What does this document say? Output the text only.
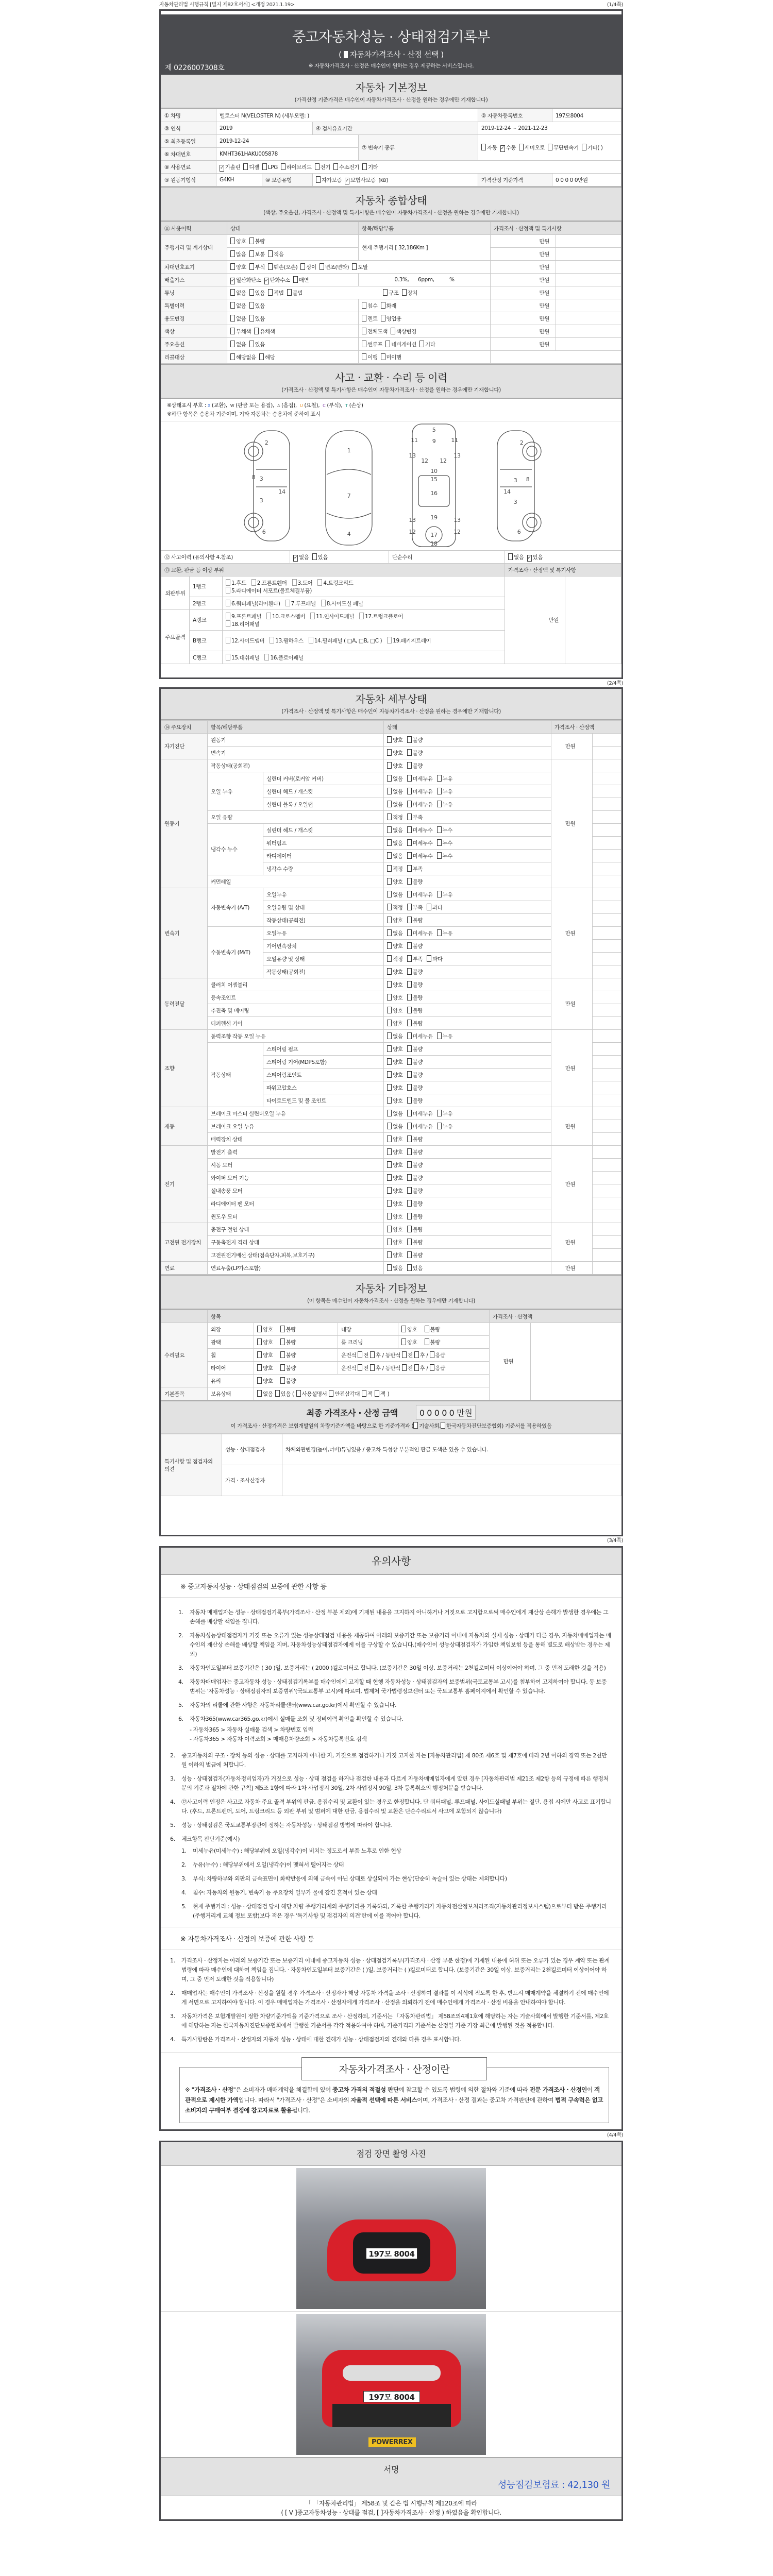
자동차관리법 시행규칙 [별지 제82호서식] <개정 2021.1.19>	(1/4쪽)
중고자동차성능 · 상태점검기록부
( 자동차가격조사 · 산정 선택 )
※ 자동차가격조사 · 산정은 매수인이 원하는 경우 제공하는 서비스입니다.
제 0226007308호
자동차 기본정보
(가격산정 기준가격은 매수인이 자동차가격조사 · 산정을 원하는 경우에만 기재합니다)
① 차명	벨로스터 N(VELOSTER N) (세부모델: )				② 자동차등록번호	197모8004
③ 연식	2019		④ 검사유효기간		2019-12-24 ~ 2021-12-23	
⑤ 최초등록일	2019-12-24			⑦ 변속기 종류	자동 ✓ 수동 세미오토 무단변속기 기타( )	
⑥ 차대번호	KMHT361HAKU005878					
⑧ 사용연료	✓ 가솔린 디젤 LPG 하이브리드 전기 수소전기 기타					
⑨ 원동기형식	G4KH	⑩ 보증유형	자가보증 ✓ 보험사보증 [KB]		가격산정 기준가격	0 0 0 0 0만원
자동차 종합상태
(색상, 주요옵션, 가격조사 · 산정액 및 특기사항은 매수인이 자동차가격조사 · 산정을 원하는 경우에만 기재합니다)
⑪ 사용이력	상태	항목/해당부품	가격조사 · 산정액 및 특기사항	
주행거리 및 계기상태	양호 불량	현재 주행거리 [ 32,186Km ]	만원	
	많음 보통 적음		만원	
차대번호표기	양호 부식 훼손(오손) 상이 변조(변타) 도말		만원	
배출가스	✓ 일산화탄소 ✓ 탄화수소 매연	0.3%,      6ppm,          %	만원	
튜닝	없음 있음 적법 불법 구조 장치		만원	
특별이력	없음 있음	침수 화재	만원	
용도변경	없음 있음	렌트 영업용	만원	
색상	무채색 유채색	전체도색 색상변경	만원	
주요옵션	없음 있음	썬루프 네비게이션 기타	만원	
리콜대상	해당없음 해당	이행 미이행		
사고 · 교환 · 수리 등 이력
(가격조사 · 산정액 및 특기사항은 매수인이 자동차가격조사 · 산정을 원하는 경우에만 기재합니다)
※상태표시 부호 : X (교환), W (판금 또는 용접), A (흠집), U (요철), C (부식), T (손상)
※하단 항목은 승용차 기준이며, 기타 자동차는 승용차에 준하여 표시
2
8 3
3
14
6
1
7
4
5
9
11	11
13	13
12 12
10
15
16
19
13	13
12	12
17
18
2
3 8
14
3
6
⑫ 사고이력 (유의사항 4.참조)			✓ 없음 있음	단순수리	없음 ✓ 있음	
⑬ 교환, 판금 등 이상 부위					가격조사 · 산정액 및 특기사항	
외판부위	1랭크	1.후드 2.프론트휀더 3.도어 4.트렁크리드
5.라디에이터 서포트(볼트체결부품)			만원	
	2랭크	6.쿼터패널(리어휀다) 7.루프패널 8.사이드실 패널				
주요골격	A랭크	9.프론트패널 10.크로스멤버 11.인사이드패널 17.트렁크플로어
18.리어패널				
	B랭크	12.사이드멤버 13.휠하우스 14.필러패널 ( □A, □B, □C ) 19.패키지트레이				
	C랭크	15.대쉬패널 16.플로어패널				
(2/4쪽)
자동차 세부상태
(가격조사 · 산정액 및 특기사항은 매수인이 자동차가격조사 · 산정을 원하는 경우에만 기재합니다)
⑭ 주요장치	항목/해당부품		상태	가격조사 · 산정액	
자기진단	원동기		양호 불량	만원	
	변속기		양호 불량		
원동기	작동상태(공회전)		양호 불량	만원	
	오일 누유	실린더 커버(로커암 커버)	없음 미세누유 누유		
		실린더 헤드 / 개스킷	없음 미세누유 누유		
		실린더 블록 / 오일팬	없음 미세누유 누유		
	오일 유량		적정 부족		
	냉각수 누수	실린더 헤드 / 개스킷	없음 미세누수 누수		
		워터펌프	없음 미세누수 누수		
		라디에이터	없음 미세누수 누수		
		냉각수 수량	적정 부족		
	커먼레일		양호 불량		
변속기	자동변속기 (A/T)	오일누유	없음 미세누유 누유	만원	
		오일유량 및 상태	적정 부족 과다		
		작동상태(공회전)	양호 불량		
	수동변속기 (M/T)	오일누유	없음 미세누유 누유		
		기어변속장치	양호 불량		
		오일유량 및 상태	적정 부족 과다		
		작동상태(공회전)	양호 불량		
동력전달	클러치 어셈블리		양호 불량	만원	
	등속조인트		양호 불량		
	추진축 및 베어링		양호 불량		
	디퍼렌셜 기어		양호 불량		
조향	동력조향 작동 오일 누유		없음 미세누유 누유	만원	
	작동상태	스티어링 펌프	양호 불량		
		스티어링 기어(MDPS포함)	양호 불량		
		스티어링조인트	양호 불량		
		파워고압호스	양호 불량		
		타이로드엔드 및 볼 조인트	양호 불량		
제동	브레이크 마스터 실린더오일 누유		없음 미세누유 누유	만원	
	브레이크 오일 누유		없음 미세누유 누유		
	배력장치 상태		양호 불량		
전기	발전기 출력		양호 불량	만원	
	시동 모터		양호 불량		
	와이퍼 모터 기능		양호 불량		
	실내송풍 모터		양호 불량		
	라디에이터 팬 모터		양호 불량		
	윈도우 모터		양호 불량		
고전원 전기장치	충전구 절연 상태		양호 불량	만원	
	구동축전지 격리 상태		양호 불량		
	고전원전기배선 상태(접속단자,피복,보호기구)		양호 불량		
연료	연료누출(LP가스포함)		없음 있음	만원	
자동차 기타정보
(이 항목은 매수인이 자동차가격조사 · 산정을 원하는 경우에만 기재합니다)
	항목				가격조사 · 산정액	
수리필요	외장	양호 불량	내장	양호 불량	만원	
	광택	양호 불량	룸 크리닝	양호 불량		
	휠	양호 불량	운전석 전 후 / 동반석 전 후 / 응급			
	타이어	양호 불량	운전석 전 후 / 동반석 전 후 / 응급			
	유리	양호 불량				
기본품목	보유상태	없음 있음 ( 사용설명서 안전삼각대 잭 잭 )				
최종 가격조사 · 산정 금액	0 0 0 0 0 만원
이 가격조사 · 산정가격은 보험개발원의 차량기준가액을 바탕으로 한 기준가격과 ( 기술사회, 한국자동차진단보증협회) 기준서를 적용하였음
특기사항 및 점검자의 의견	성능 · 상태점검자	차체외관변경(높이,너비)튜닝있음 / 중고차 특성상 부분적인 판금 도색은 있을 수 있습니다.
	가격 · 조사산정자	
(3/4쪽)
유의사항
※ 중고자동차성능 · 상태점검의 보증에 관한 사항 등
1.	자동차 매매업자는 성능 · 상태점검기록부(가격조사 · 산정 부분 제외)에 기재된 내용을 고지하지 아니하거나 거짓으로 고지함으로써 매수인에게 재산상 손해가 발생한 경우에는 그 손해를 배상할 책임을 집니다.
2.	자동차성능상태점검자가 거짓 또는 오류가 있는 성능상태점검 내용을 제공하여 아래의 보증기간 또는 보증거리 이내에 자동차의 실제 성능 · 상태가 다른 경우, 자동차매매업자는 매수인의 재산상 손해를 배상할 책임을 지며, 자동차성능상태점검자에게 이를 구상할 수 있습니다.(매수인이 성능상태점검자가 가입한 책임보험 등을 통해 별도로 배상받는 경우는 제외)
3.	자동차인도일부터 보증기간은 ( 30 )일, 보증거리는 ( 2000 )킬로미터로 합니다. (보증기간은 30일 이상, 보증거리는 2천킬로미터 이상이어야 하며, 그 중 먼저 도래한 것을 적용)
4.	자동차매매업자는 중고자동차 성능 · 상태점검기록부를 매수인에게 고지할 때 현행 자동차성능 · 상태점검자의 보증범위(국토교통부 고시)를 첨부하여 고지하여야 합니다. 동 보증범위는 '자동차성능 · 상태점검자의 보증범위'(국토교통부 고시)에 따르며, 법제처 국가법령정보센터 또는 국토교통부 홈페이지에서 확인할 수 있습니다.
5.	자동차의 리콜에 관한 사항은 자동차리콜센터(www.car.go.kr)에서 확인할 수 있습니다.
6.	자동차365(www.car365.go.kr)에서 실매물 조회 및 정비이력 확인을 확인할 수 있습니다.
- 자동차365 > 자동차 실매물 검색 > 차량번호 입력
- 자동차365 > 자동차 이력조회 > 매매용차량조회 > 자동차등록번호 검색
2.	중고자동차의 구조 · 장치 등의 성능 · 상태를 고지하지 아니한 자, 거짓으로 점검하거나 거짓 고지한 자는 [자동차관리법] 제 80조 제6호 및 제7호에 따라 2년 이하의 징역 또는 2천만원 이하의 벌금에 처합니다.
3.	성능 · 상태점검자(자동차정비업자)가 거짓으로 성능 · 상태 점검을 하거나 점검한 내용과 다르게 자동차매매업자에게 알린 경우 [자동차관리법 제21조 제2항 등의 규정에 따른 행정처분의 기준과 절차에 관한 규칙] 제5조 1항에 따라 1차 사업정지 30일, 2차 사업정지 90일, 3차 등록취소의 행정처분을 받습니다.
4.	⑫사고이력 인정은 사고로 자동차 주요 골격 부위의 판금, 용접수리 및 교환이 있는 경우로 한정합니다. 단 쿼터패널, 루프패널, 사이드실패널 부위는 절단, 용접 시에만 사고로 표기합니다. (후드, 프론트펜더, 도어, 트렁크리드 등 외판 부위 및 범퍼에 대한 판금, 용접수리 및 교환은 단순수리로서 사고에 포함되지 않습니다)
5.	성능 · 상태점검은 국토교통부장관이 정하는 자동차성능 · 상태점검 방법에 따라야 합니다.
6.	체크항목 판단기준(예시)
1.	미세누유(미세누수) : 해당부위에 오일(냉각수)이 비치는 정도로서 부품 노후로 인한 현상
2.	누유(누수) : 해당부위에서 오일(냉각수)이 맺혀서 떨어지는 상태
3.	부식: 차량하부와 외판의 금속표면이 화학반응에 의해 금속이 아닌 상태로 상실되어 가는 현상(단순히 녹슬어 있는 상태는 제외합니다)
4.	침수: 자동차의 원동기, 변속기 등 주요장치 일부가 물에 잠긴 흔적이 있는 상태
5.	현재 주행거리 : 성능 · 상태점검 당시 해당 차량 주행거리계의 주행거리를 기록하되, 기록한 주행거리가 자동차전산정보처리조직(자동차관리정보시스템)으로부터 받은 주행거리(주행거리계 교체 정보 포함)보다 적은 경우 '특기사항 및 점검자의 의견'란에 이를 적어야 합니다.
※ 자동차가격조사 · 산정의 보증에 관한 사항 등
1.	가격조사 · 산정자는 아래의 보증기간 또는 보증거리 이내에 중고자동차 성능 · 상태점검기록부(가격조사 · 산정 부분 한정)에 기재된 내용에 허위 또는 오류가 있는 경우 계약 또는 관계법령에 따라 매수인에 대하여 책임을 집니다. · 자동차인도일부터 보증기간은 ( )일, 보증거리는 ( )킬로미터로 합니다. (보증기간은 30일 이상, 보증거리는 2천킬로미터 이상이어야 하며, 그 중 먼저 도래한 것을 적용합니다)
2.	매매업자는 매수인이 가격조사 · 산정을 원할 경우 가격조사 · 산정자가 해당 자동차 가격을 조사 · 산정하여 결과를 이 서식에 적도록 한 후, 반드시 매매계약을 체결하기 전에 매수인에게 서면으로 고지하여야 합니다. 이 경우 매매업자는 가격조사 · 산정자에게 가격조사 · 산정을 의뢰하기 전에 매수인에게 가격조사 · 산정 비용을 안내하여야 합니다.
3.	자동차가격은 보험개발원이 정한 차량기준가액을 기준가격으로 조사 · 산정하되, 기준서는 「자동차관리법」 제58조의4제1호에 해당하는 자는 기술사회에서 발행한 기준서를, 제2호에 해당하는 자는 한국자동차진단보증협회에서 발행한 기준서를 각각 적용하여야 하며, 기준가격과 기준서는 산정일 기준 가장 최근에 발행된 것을 적용합니다.
4.	특기사항란은 가격조사 · 산정자의 자동차 성능 · 상태에 대한 견해가 성능 · 상태점검자의 견해와 다를 경우 표시합니다.
자동차가격조사 · 산정이란
※ "가격조사 · 산정"은 소비자가 매매계약을 체결함에 있어 중고차 가격의 적절성 판단에 참고할 수 있도록 법령에 의한 절차와 기준에 따라 전문 가격조사 · 산정인이 객관적으로 제시한 가액입니다. 따라서 "가격조사 · 산정"은 소비자의 자율적 선택에 따른 서비스이며, 가격조사 · 산정 결과는 중고차 가격판단에 관하여 법적 구속력은 없고 소비자의 구매여부 결정에 참고자료로 활용됩니다.
(4/4쪽)
점검 장면 촬영 사진
197모 8004
197모 8004
POWERREX
서명
성능점검보험료 : 42,130 원
「 「자동차관리법」 제58조 및 같은 법 시행규칙 제120조에 따라
( [ V ]중고자동차성능 · 상태를 점검, [ ]자동차가격조사 · 산정 ) 하였음을 확인합니다.
